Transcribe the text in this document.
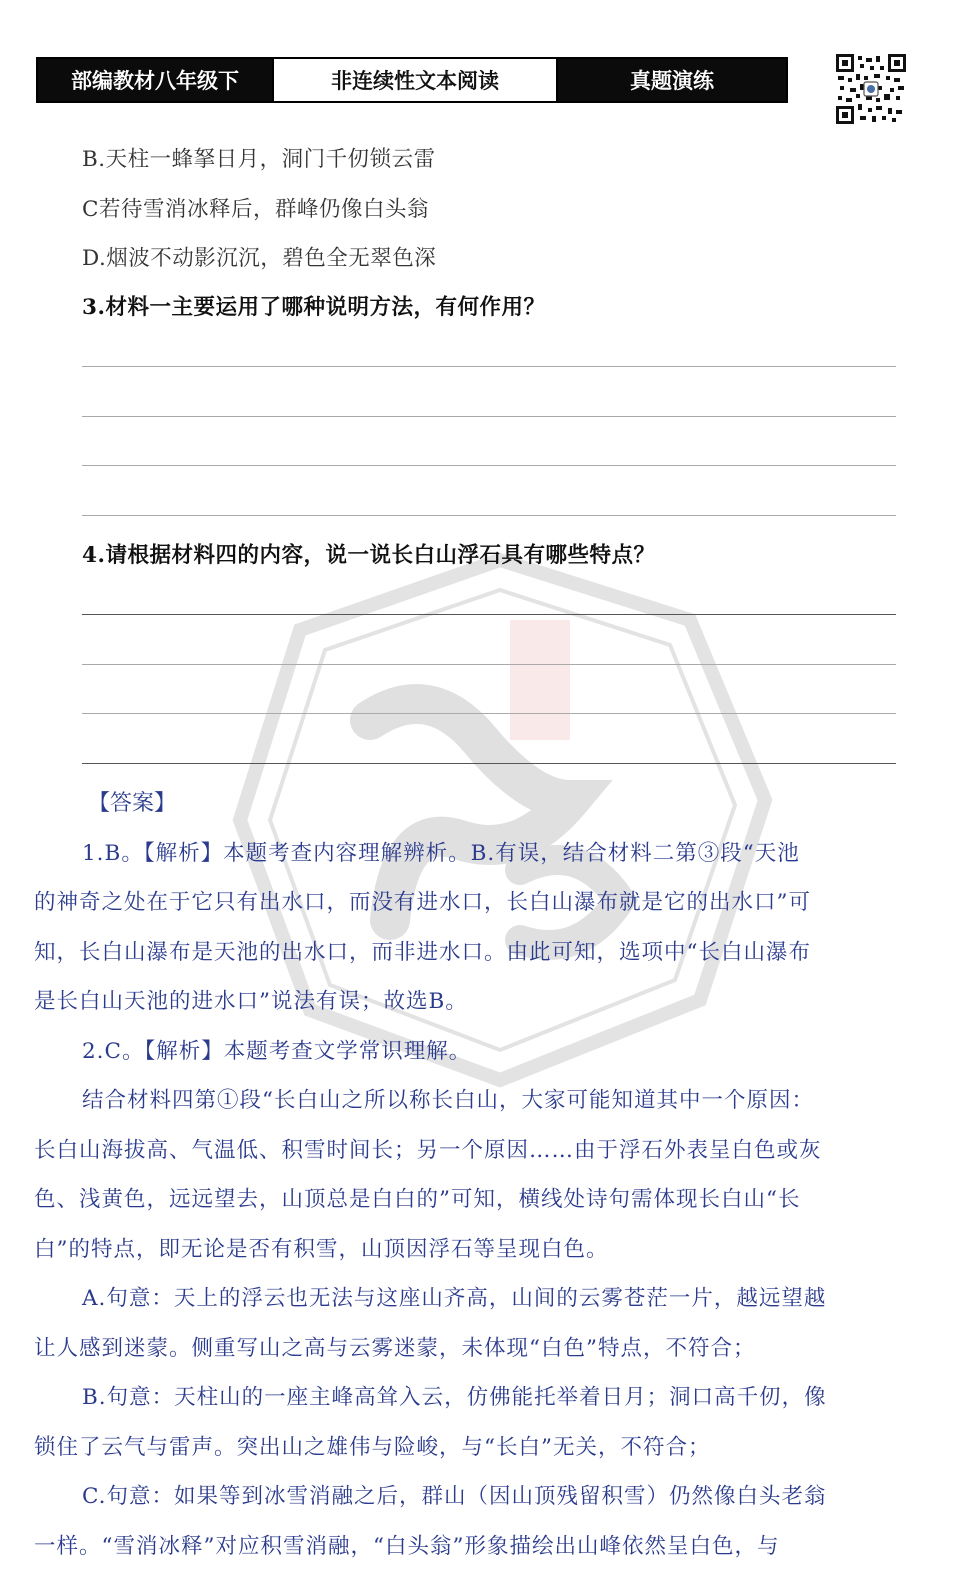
部编教材八年级下	非连续性文本阅读	真题演练
B.天柱一蜂拏日月，洞门千仞锁云雷
C若待雪消冰释后，群峰仍像白头翁
D.烟波不动影沉沉，碧色全无翠色深
3.材料一主要运用了哪种说明方法，有何作用？
4.请根据材料四的内容，说一说长白山浮石具有哪些特点？
【答案】
1.B。【解析】本题考查内容理解辨析。B.有误，结合材料二第③段“天池
的神奇之处在于它只有出水口，而没有进水口，长白山瀑布就是它的出水口”可
知，长白山瀑布是天池的出水口，而非进水口。由此可知，选项中“长白山瀑布
是长白山天池的进水口”说法有误；故选B。
2.C。【解析】本题考查文学常识理解。
结合材料四第①段“长白山之所以称长白山，大家可能知道其中一个原因：
长白山海拔高、气温低、积雪时间长；另一个原因……由于浮石外表呈白色或灰
色、浅黄色，远远望去，山顶总是白白的”可知，横线处诗句需体现长白山“长
白”的特点，即无论是否有积雪，山顶因浮石等呈现白色。
A.句意：天上的浮云也无法与这座山齐高，山间的云雾苍茫一片，越远望越
让人感到迷蒙。侧重写山之高与云雾迷蒙，未体现“白色”特点，不符合；
B.句意：天柱山的一座主峰高耸入云，仿佛能托举着日月；洞口高千仞，像
锁住了云气与雷声。突出山之雄伟与险峻，与“长白”无关，不符合；
C.句意：如果等到冰雪消融之后，群山（因山顶残留积雪）仍然像白头老翁
一样。“雪消冰释”对应积雪消融，“白头翁”形象描绘出山峰依然呈白色，与
